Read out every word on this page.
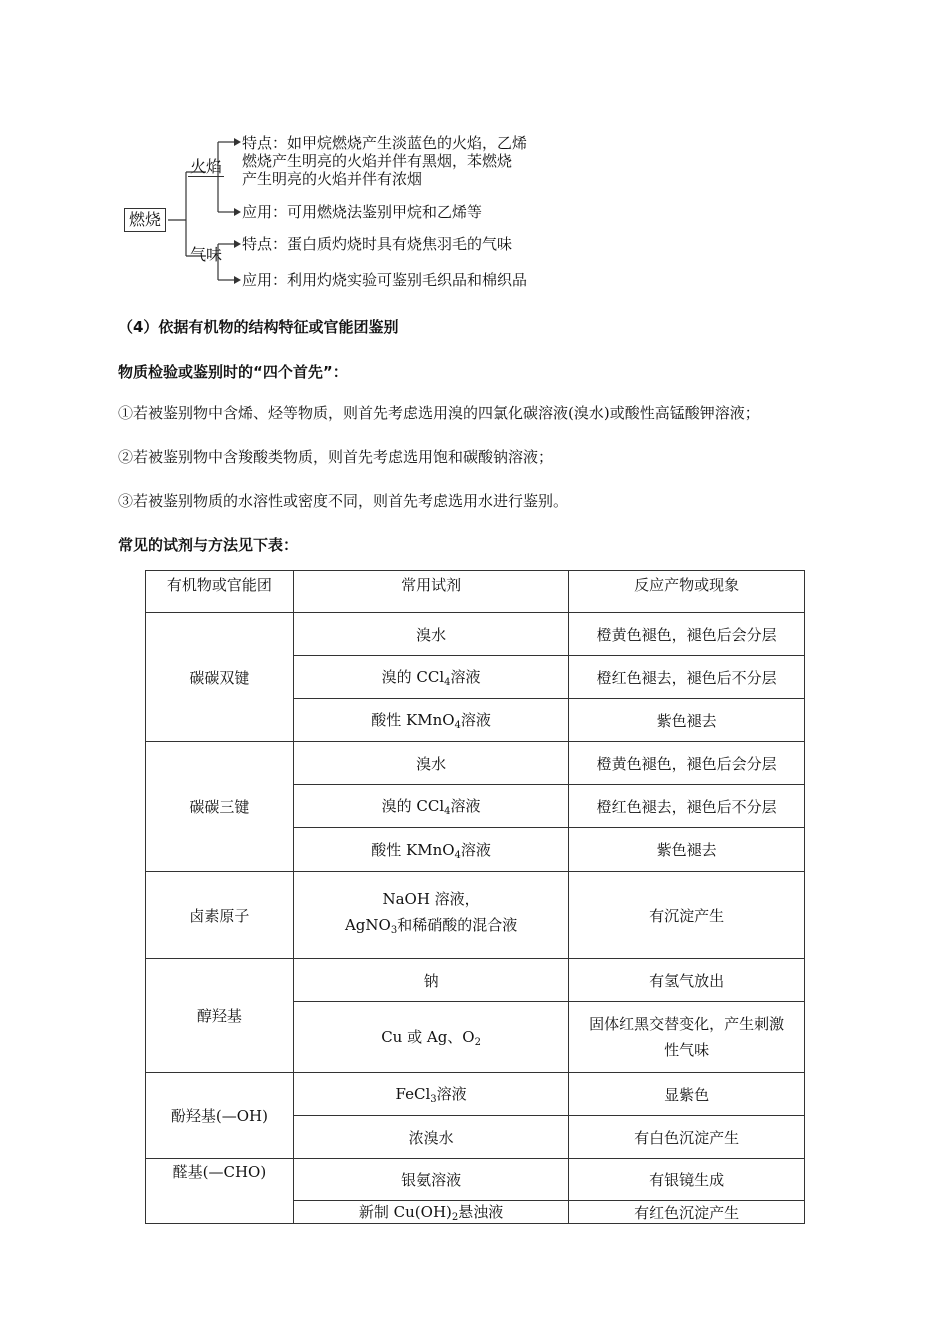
燃烧
火焰
气味
特点：如甲烷燃烧产生淡蓝色的火焰，乙烯
燃烧产生明亮的火焰并伴有黑烟，苯燃烧
产生明亮的火焰并伴有浓烟
应用：可用燃烧法鉴别甲烷和乙烯等
特点：蛋白质灼烧时具有烧焦羽毛的气味
应用：利用灼烧实验可鉴别毛织品和棉织品
（4）依据有机物的结构特征或官能团鉴别
物质检验或鉴别时的“四个首先”：
①若被鉴别物中含烯、烃等物质，则首先考虑选用溴的四氯化碳溶液(溴水)或酸性高锰酸钾溶液；
②若被鉴别物中含羧酸类物质，则首先考虑选用饱和碳酸钠溶液；
③若被鉴别物质的水溶性或密度不同，则首先考虑选用水进行鉴别。
常见的试剂与方法见下表：
有机物或官能团	常用试剂	反应产物或现象
碳碳双键	溴水	橙黄色褪色，褪色后会分层
	溴的 CCl$_4$溶液	橙红色褪去，褪色后不分层
	酸性 KMnO$_4$溶液	紫色褪去
碳碳三键	溴水	橙黄色褪色，褪色后会分层
	溴的 CCl$_4$溶液	橙红色褪去，褪色后不分层
	酸性 KMnO$_4$溶液	紫色褪去
卤素原子	NaOH 溶液，
AgNO$_3$和稀硝酸的混合液	有沉淀产生
醇羟基	钠	有氢气放出
	Cu 或 Ag、$O_2$	固体红黑交替变化，产生刺激
性气味

酚羟基(—OH)	FeCl$_3$溶液	显紫色
	浓溴水	有白色沉淀产生
醛基(—CHO)	银氨溶液	有银镜生成
	新制 $Cu(OH)_2$悬浊液	有红色沉淀产生
